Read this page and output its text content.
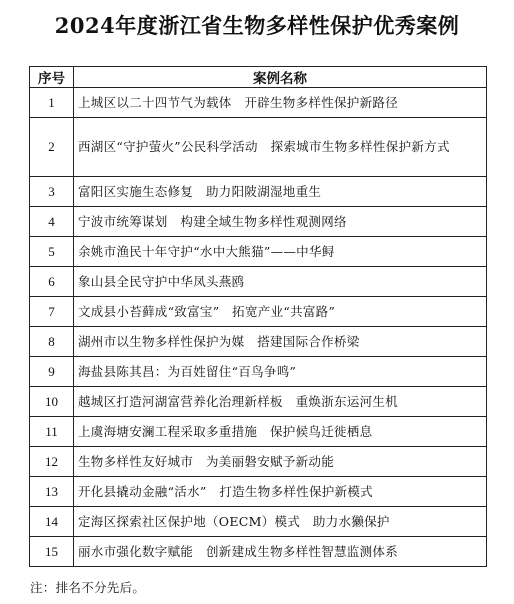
2024年度浙江省生物多样性保护优秀案例
序号	案例名称
1	上城区以二十四节气为载体　开辟生物多样性保护新路径
2	西湖区“守护萤火”公民科学活动　探索城市生物多样性保护新方式
3	富阳区实施生态修复　助力阳陂湖湿地重生
4	宁波市统筹谋划　构建全域生物多样性观测网络
5	余姚市渔民十年守护“水中大熊猫”——中华鲟
6	象山县全民守护中华凤头燕鸥
7	文成县小苔藓成“致富宝”　拓宽产业“共富路”
8	湖州市以生物多样性保护为媒　搭建国际合作桥梁
9	海盐县陈其昌：为百姓留住“百鸟争鸣”
10	越城区打造河湖富营养化治理新样板　重焕浙东运河生机
11	上虞海塘安澜工程采取多重措施　保护候鸟迁徙栖息
12	生物多样性友好城市　为美丽磐安赋予新动能
13	开化县撬动金融“活水”　打造生物多样性保护新模式
14	定海区探索社区保护地（OECM）模式　助力水獭保护
15	丽水市强化数字赋能　创新建成生物多样性智慧监测体系
注：排名不分先后。
